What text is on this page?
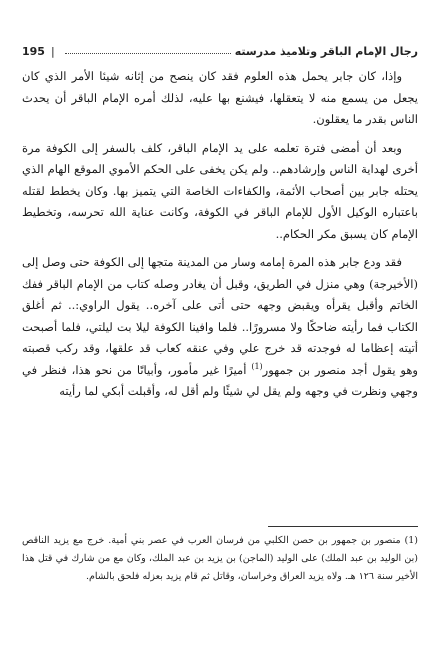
رجال الإمام الباقر وتلاميذ مدرسته
|
195

وإذا، كان جابر يحمل هذه العلوم فقد كان ينصح من إثانه شيئا الأمر الذي كان يجعل من يسمع منه لا يتعقلها، فيشنع بها عليه، لذلك أمره الإمام الباقر أن يحدث الناس بقدر ما يعقلون.

وبعد أن أمضى فترة تعلمه على يد الإمام الباقر، كلف بالسفر إلى الكوفة مرة أخرى لهداية الناس وإرشادهم.. ولم يكن يخفى على الحكم الأموي الموقع الهام الذي يحتله جابر بين أصحاب الأئمة، والكفاءات الخاصة التي يتميز بها. وكان يخطط لقتله باعتباره الوكيل الأول للإمام الباقر في الكوفة، وكانت عناية الله تحرسه، وتخطيط الإمام كان يسبق مكر الحكام..

فقد ودع جابر هذه المرة إمامه وسار من المدينة متجها إلى الكوفة حتى وصل إلى (الأخيرجة) وهي منزل في الطريق، وقبل أن يغادر وصله كتاب من الإمام الباقر ففك الخاتم وأقبل يقرأه ويقبض وجهه حتى أتى على آخره.. يقول الراوي:.. ثم أغلق الكتاب فما رأيته ضاحكًا ولا مسرورًا.. فلما وافينا الكوفة ليلا بت ليلتي، فلما أصبحت أتيته إعظاما له فوجدته قد خرج علي وفي عنقه كعاب قد علقها، وقد ركب قصبته وهو يقول أجد منصور بن جمهور$^{(1)}$ أميرًا غير مأمور، وأبياتًا من نحو هذا، فنظر في وجهي ونظرت في وجهه ولم يقل لي شيئًا ولم أقل له، وأقبلت أبكي لما رأيته

(1) منصور بن جمهور بن حصن الكلبي من فرسان العرب في عصر بني أمية. خرج مع يزيد الناقص (بن الوليد بن عبد الملك) على الوليد (الماجن) بن يزيد بن عبد الملك، وكان مع من شارك في قتل هذا الأخير سنة ١٢٦ هـ. ولاه يزيد العراق وخراسان، وقاتل ثم قام يزيد بعزله فلحق بالشام.
